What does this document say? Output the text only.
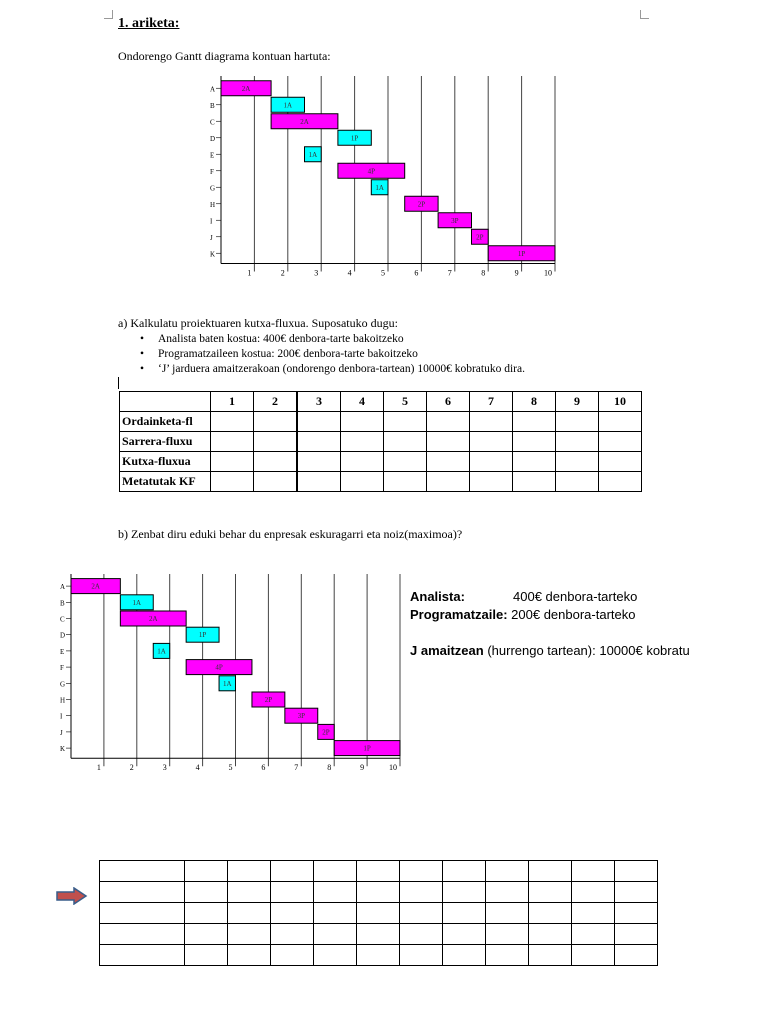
1. ariketa:
Ondorengo Gantt diagrama kontuan hartuta:
1	2	3	4	5	6	7	8	9	10
A	2A
B	1A
C	2A
D	1P
E	1A
F	4P
G	1A
H	2P
I	3P
J	2P
K	1P
a) Kalkulatu proiektuaren kutxa-fluxua. Suposatuko dugu:
• Analista baten kostua: 400€ denbora-tarte bakoitzeko
• Programatzaileen kostua: 200€ denbora-tarte bakoitzeko
• ‘J’ jarduera amaitzerakoan (ondorengo denbora-tartean) 10000€ kobratuko dira.
	1	2	3	4	5	6	7	8	9	10
Ordainketa-fl										
Sarrera-fluxu										
Kutxa-fluxua										
Metatutak KF										
b) Zenbat diru eduki behar du enpresak eskuragarri eta noiz(maximoa)?
1	2	3	4	5	6	7	8	9	10
A	2A
B	1A
C	2A
D	1P
E	1A
F	4P
G	1A
H	2P
I	3P
J	2P
K	1P
Analista:	400€ denbora-tarteko
Programatzaile: 200€ denbora-tarteko
J amaitzean (hurrengo tartean): 10000€ kobratu
